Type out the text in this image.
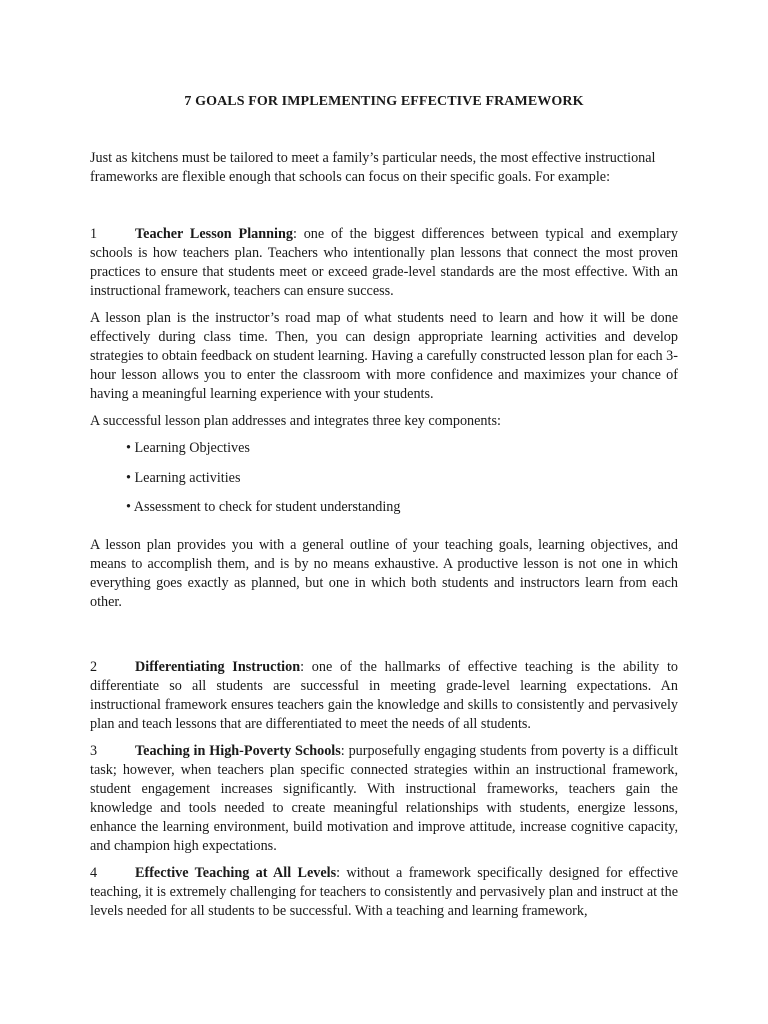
7 GOALS FOR IMPLEMENTING EFFECTIVE FRAMEWORK

Just as kitchens must be tailored to meet a family’s particular needs, the most effective instructional frameworks are flexible enough that schools can focus on their specific goals. For example:

1	Teacher Lesson Planning: one of the biggest differences between typical and exemplary schools is how teachers plan. Teachers who intentionally plan lessons that connect the most proven practices to ensure that students meet or exceed grade-level standards are the most effective. With an instructional framework, teachers can ensure success.

A lesson plan is the instructor’s road map of what students need to learn and how it will be done effectively during class time. Then, you can design appropriate learning activities and develop strategies to obtain feedback on student learning. Having a carefully constructed lesson plan for each 3-hour lesson allows you to enter the classroom with more confidence and maximizes your chance of having a meaningful learning experience with your students.

A successful lesson plan addresses and integrates three key components:

• Learning Objectives
• Learning activities
• Assessment to check for student understanding

A lesson plan provides you with a general outline of your teaching goals, learning objectives, and means to accomplish them, and is by no means exhaustive. A productive lesson is not one in which everything goes exactly as planned, but one in which both students and instructors learn from each other.

2	Differentiating Instruction: one of the hallmarks of effective teaching is the ability to differentiate so all students are successful in meeting grade-level learning expectations. An instructional framework ensures teachers gain the knowledge and skills to consistently and pervasively plan and teach lessons that are differentiated to meet the needs of all students.

3	Teaching in High-Poverty Schools: purposefully engaging students from poverty is a difficult task; however, when teachers plan specific connected strategies within an instructional framework, student engagement increases significantly. With instructional frameworks, teachers gain the knowledge and tools needed to create meaningful relationships with students, energize lessons, enhance the learning environment, build motivation and improve attitude, increase cognitive capacity, and champion high expectations.

4	Effective Teaching at All Levels: without a framework specifically designed for effective teaching, it is extremely challenging for teachers to consistently and pervasively plan and instruct at the levels needed for all students to be successful. With a teaching and learning framework,
